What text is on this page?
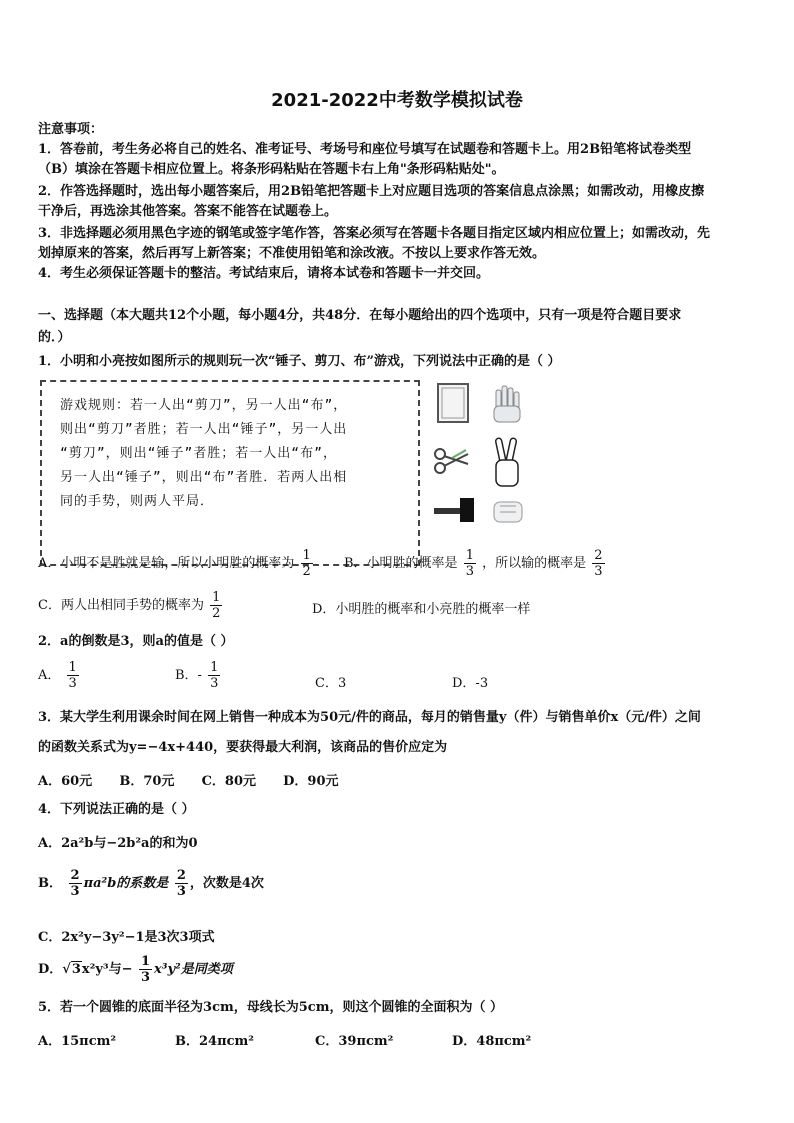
2021-2022中考数学模拟试卷
注意事项：
1．答卷前，考生务必将自己的姓名、准考证号、考场号和座位号填写在试题卷和答题卡上。用2B铅笔将试卷类型
（B）填涂在答题卡相应位置上。将条形码粘贴在答题卡右上角"条形码粘贴处"。
2．作答选择题时，选出每小题答案后，用2B铅笔把答题卡上对应题目选项的答案信息点涂黑；如需改动，用橡皮擦
干净后，再选涂其他答案。答案不能答在试题卷上。
3．非选择题必须用黑色字迹的钢笔或签字笔作答，答案必须写在答题卡各题目指定区域内相应位置上；如需改动，先
划掉原来的答案，然后再写上新答案；不准使用铅笔和涂改液。不按以上要求作答无效。
4．考生必须保证答题卡的整洁。考试结束后，请将本试卷和答题卡一并交回。
一、选择题（本大题共12个小题，每小题4分，共48分．在每小题给出的四个选项中，只有一项是符合题目要求
的．）
1．小明和小亮按如图所示的规则玩一次“锤子、剪刀、布”游戏，下列说法中正确的是（ ）
游戏规则：若一人出“剪刀”，另一人出“布”，
则出“剪刀”者胜；若一人出“锤子”，另一人出
“剪刀”，则出“锤子”者胜；若一人出“布”，
另一人出“锤子”，则出“布”者胜．若两人出相
同的手势，则两人平局．
A．小明不是胜就是输，所以小明胜的概率为 $\frac{1}{2}$ B．小明胜的概率是 $\frac{1}{3}$ ，所以输的概率是 $\frac{2}{3}$
C．两人出相同手势的概率为 $\frac{1}{2}$	D．小明胜的概率和小亮胜的概率一样
2．a的倒数是3，则a的值是（ ）
A． $\frac{1}{3}$	B．- $\frac{1}{3}$	C．3	D．-3
3．某大学生利用课余时间在网上销售一种成本为50元/件的商品，每月的销售量y（件）与销售单价x（元/件）之间
的函数关系式为y=−4x+440，要获得最大利润，该商品的售价应定为
A．60元      B．70元      C．80元      D．90元
4．下列说法正确的是（ ）
A．2a²b与−2b²a的和为0
B． $\frac{2}{3} \pi a^2b$的系数是 $\frac{2}{3}$ ，次数是4次
C．2x²y−3y²−1是3次3项式
D．√3x²y³与− $\frac{1}{3} x^3y^2$是同类项
5．若一个圆锥的底面半径为3cm，母线长为5cm，则这个圆锥的全面积为（ ）
A．15πcm²	B．24πcm²	C．39πcm²	D．48πcm²
